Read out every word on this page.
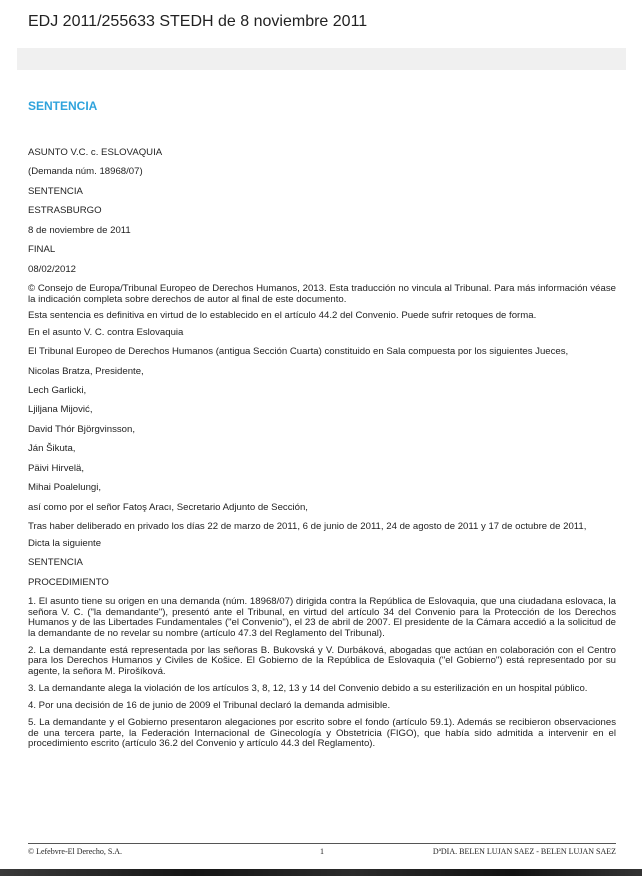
EDJ 2011/255633 STEDH de 8 noviembre 2011
SENTENCIA

ASUNTO V.C. c. ESLOVAQUIA

(Demanda núm. 18968/07)

SENTENCIA

ESTRASBURGO

8 de noviembre de 2011

FINAL

08/02/2012

© Consejo de Europa/Tribunal Europeo de Derechos Humanos, 2013. Esta traducción no vincula al Tribunal. Para más información véase la indicación completa sobre derechos de autor al final de este documento.

Esta sentencia es definitiva en virtud de lo establecido en el artículo 44.2 del Convenio. Puede sufrir retoques de forma.

En el asunto V. C. contra Eslovaquia

El Tribunal Europeo de Derechos Humanos (antigua Sección Cuarta) constituido en Sala compuesta por los siguientes Jueces,

Nicolas Bratza, Presidente,

Lech Garlicki,

Ljiljana Mijović,

David Thór Björgvinsson,

Ján Šikuta,

Päivi Hirvelä,

Mihai Poalelungi,

así como por el señor Fatoş Aracı, Secretario Adjunto de Sección,

Tras haber deliberado en privado los días 22 de marzo de 2011, 6 de junio de 2011, 24 de agosto de 2011 y 17 de octubre de 2011,

Dicta la siguiente

SENTENCIA

PROCEDIMIENTO

1. El asunto tiene su origen en una demanda (núm. 18968/07) dirigida contra la República de Eslovaquia, que una ciudadana eslovaca, la señora V. C. ("la demandante"), presentó ante el Tribunal, en virtud del artículo 34 del Convenio para la Protección de los Derechos Humanos y de las Libertades Fundamentales ("el Convenio"), el 23 de abril de 2007. El presidente de la Cámara accedió a la solicitud de la demandante de no revelar su nombre (artículo 47.3 del Reglamento del Tribunal).

2. La demandante está representada por las señoras B. Bukovská y V. Durbáková, abogadas que actúan en colaboración con el Centro para los Derechos Humanos y Civiles de Košice. El Gobierno de la República de Eslovaquia ("el Gobierno") está representado por su agente, la señora M. Pirošíková.

3. La demandante alega la violación de los artículos 3, 8, 12, 13 y 14 del Convenio debido a su esterilización en un hospital público.

4. Por una decisión de 16 de junio de 2009 el Tribunal declaró la demanda admisible.

5. La demandante y el Gobierno presentaron alegaciones por escrito sobre el fondo (artículo 59.1). Además se recibieron observaciones de una tercera parte, la Federación Internacional de Ginecología y Obstetricia (FIGO), que había sido admitida a intervenir en el procedimiento escrito (artículo 36.2 del Convenio y artículo 44.3 del Reglamento).

© Lefebvre-El Derecho, S.A.	1	DªDIA. BELEN LUJAN SAEZ - BELEN LUJAN SAEZ
